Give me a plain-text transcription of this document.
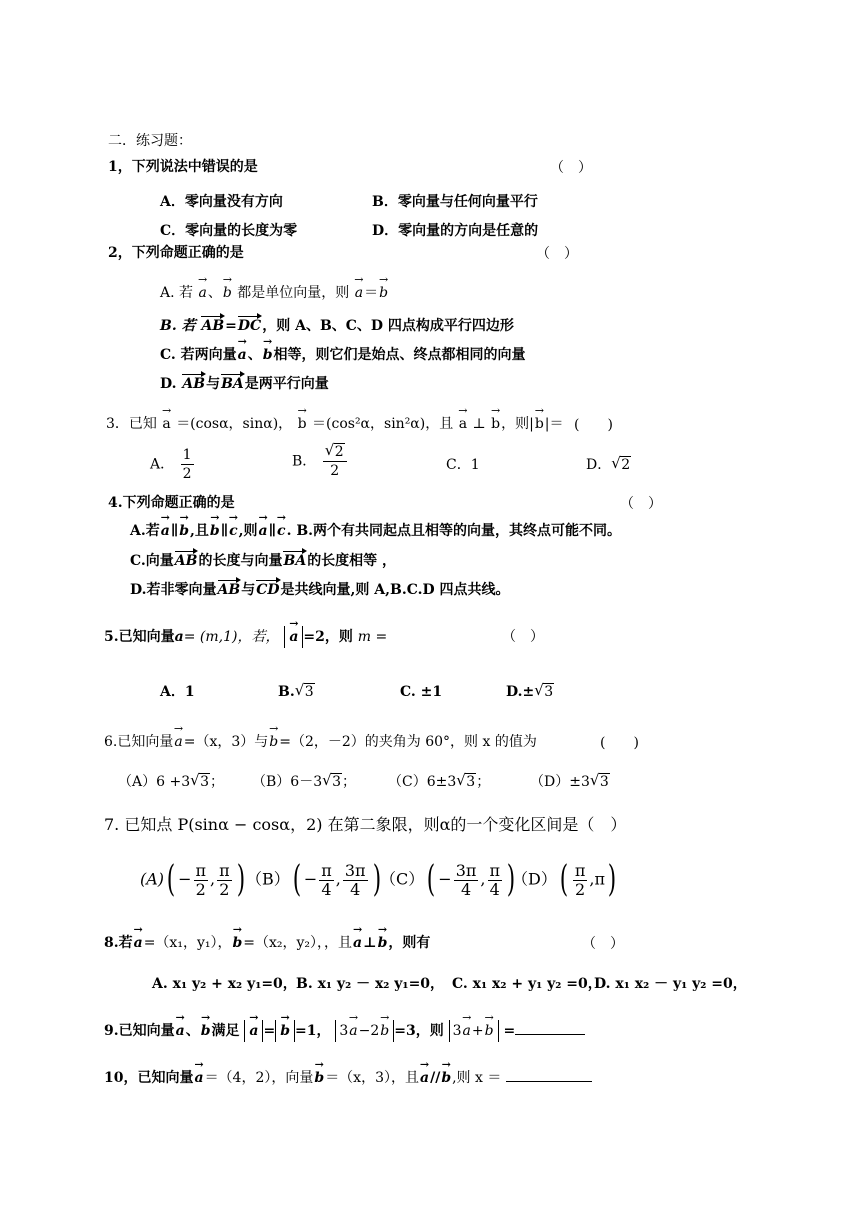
二．练习题：
1，下列说法中错误的是	（　）
A．零向量没有方向	B．零向量与任何向量平行
C．零向量的长度为零	D．零向量的方向是任意的
2，下列命题正确的是	（　）
A. 若 → a、→ b 都是单位向量，则 → a＝→ b
B. 若 AB=DC，则 A、B、C、D 四点构成平行四边形
C. 若两向量→ a、→ b相等，则它们是始点、终点都相同的向量
D. AB与BA是两平行向量
3．已知 → a ＝(cosα，sinα)， → b ＝(cos²α，sin²α)，且 → a ⊥ → b，则|→ b|＝ (　　)
A． $\frac{1}{2}$	B． √ $\frac{2}{2}$	C．1	D． √ 2
4.下列命题正确的是	（　）
A.若→ a∥→ b,且→ b∥→ c,则→ a∥→ c. B.两个有共同起点且相等的向量，其终点可能不同。
C.向量AB的长度与向量BA的长度相等 ，
D.若非零向量AB与CD是共线向量,则 A,B.C.D 四点共线。
5.已知向量a= (m,1)，若， → a =2，则 m =	（　）
A．1	B. √ 3	C. ±1	D.± √ 3
6.已知向量→ a=（x，3）与→ b=（2，－2）的夹角为 60°，则 x 的值为	(　　)
（A）6 +3 √ 3； （B）6－3 √ 3； （C）6±3 √ 3；	（D）±3 √ 3
7. 已知点 P(sinα − cosα，2) 在第二象限，则α的一个变化区间是（　）
$(A)( - \frac{\pi}{2}$ , $\frac{\pi}{2}$ ) $(B)( - \frac{\pi}{4}$ , $\frac{3\pi}{4}$ ) $(C)( - \frac{3\pi}{4}$ , $\frac{\pi}{4}$ )
$(D)( \frac{\pi}{2} ,\pi)$
8.若→ a=（x₁，y₁），→ b=（x₂，y₂），，且→ a⊥→ b，则有	（　）
A. x₁ y₂ + x₂ y₁=0， B. x₁ y₂ － x₂ y₁=0， C. x₁ x₂ + y₁ y₂ =0，
D. x₁ x₂ － y₁ y₂ =0，
9.已知向量→ a、→ b满足 → a = → b =1， 3→ a−2→ b =3，则 3→ a+→ b =
10，已知向量→ a＝（4，2），向量→ b＝（x，3），且→ a//→ b,则 x ＝
